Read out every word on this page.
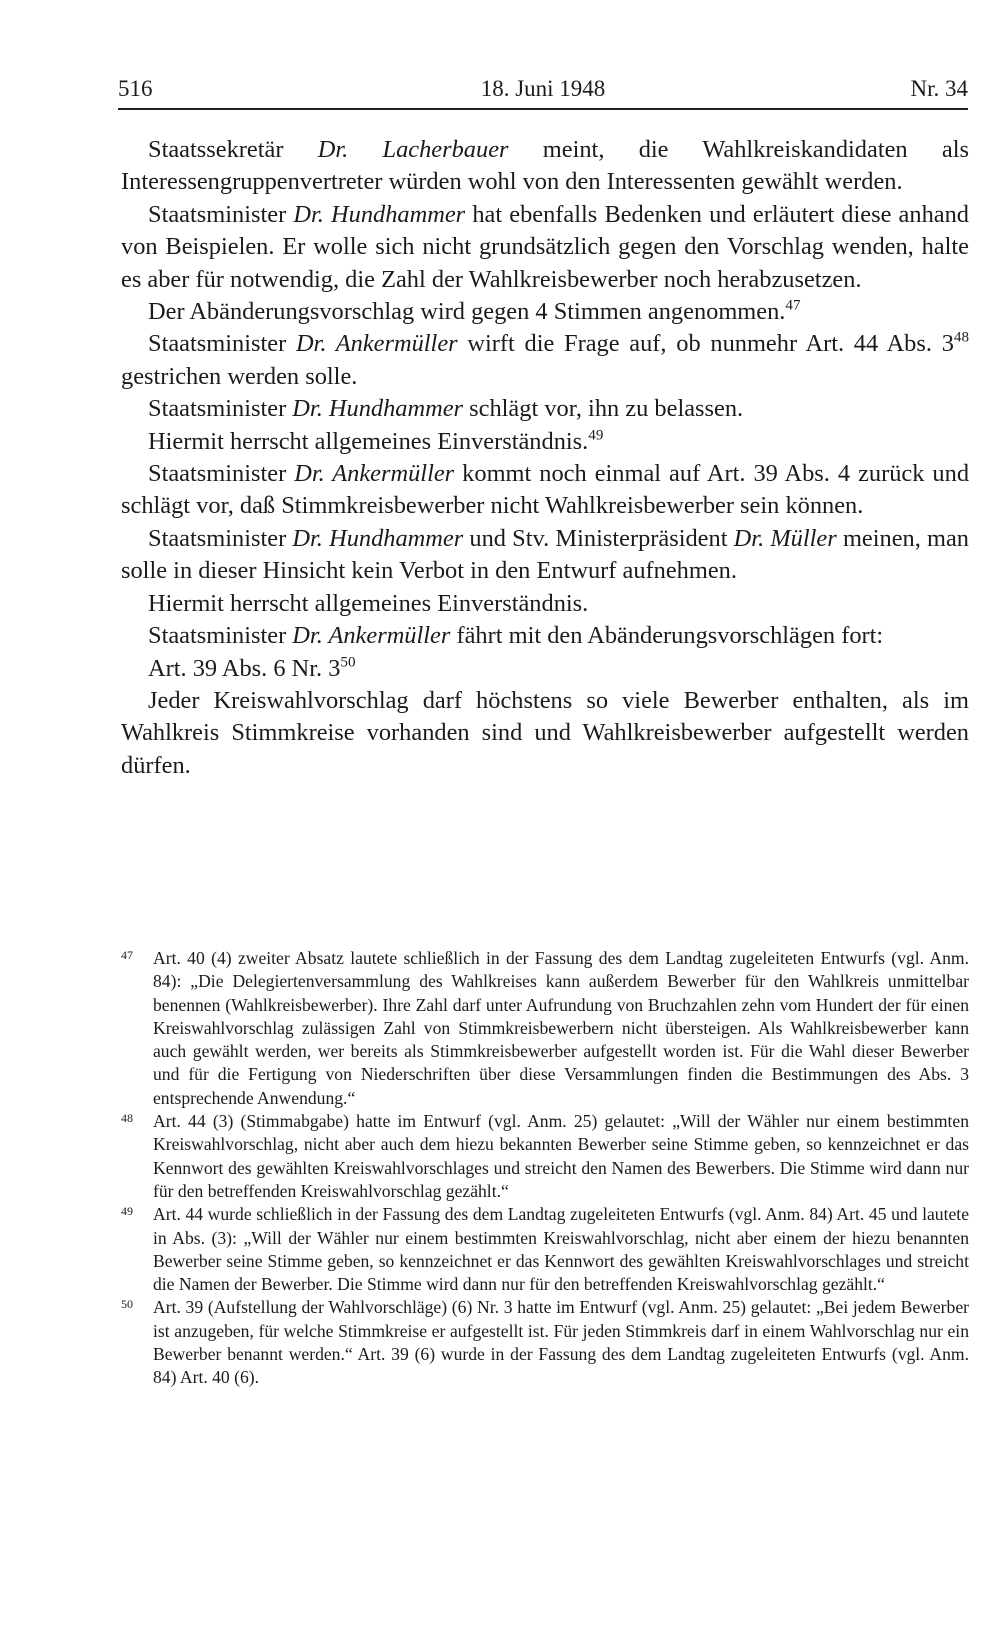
516	18. Juni 1948	Nr. 34

Staatssekretär Dr. Lacherbauer meint, die Wahlkreiskandidaten als Interessengruppenvertreter würden wohl von den Interessenten gewählt werden.

Staatsminister Dr. Hundhammer hat ebenfalls Bedenken und erläutert diese anhand von Beispielen. Er wolle sich nicht grundsätzlich gegen den Vorschlag wenden, halte es aber für notwendig, die Zahl der Wahlkreisbewerber noch herabzusetzen.

Der Abänderungsvorschlag wird gegen 4 Stimmen angenommen.$^{47}$

Staatsminister Dr. Ankermüller wirft die Frage auf, ob nunmehr Art. 44 Abs. $3^{48}$ gestrichen werden solle.

Staatsminister Dr. Hundhammer schlägt vor, ihn zu belassen.

Hiermit herrscht allgemeines Einverständnis.$^{49}$

Staatsminister Dr. Ankermüller kommt noch einmal auf Art. 39 Abs. 4 zurück und schlägt vor, daß Stimmkreisbewerber nicht Wahlkreisbewerber sein können.

Staatsminister Dr. Hundhammer und Stv. Ministerpräsident Dr. Müller meinen, man solle in dieser Hinsicht kein Verbot in den Entwurf aufnehmen.

Hiermit herrscht allgemeines Einverständnis.

Staatsminister Dr. Ankermüller fährt mit den Abänderungsvorschlägen fort:

Art. 39 Abs. 6 Nr. $3^{50}$

Jeder Kreiswahlvorschlag darf höchstens so viele Bewerber enthalten, als im Wahlkreis Stimmkreise vorhanden sind und Wahlkreisbewerber aufgestellt werden dürfen.

47 Art. 40 (4) zweiter Absatz lautete schließlich in der Fassung des dem Landtag zugeleiteten Entwurfs (vgl. Anm. 84): „Die Delegiertenversammlung des Wahlkreises kann außerdem Bewerber für den Wahlkreis unmittelbar benennen (Wahlkreisbewerber). Ihre Zahl darf unter Aufrundung von Bruchzahlen zehn vom Hundert der für einen Kreiswahlvorschlag zulässigen Zahl von Stimmkreisbewerbern nicht übersteigen. Als Wahlkreisbewerber kann auch gewählt werden, wer bereits als Stimmkreisbewerber aufgestellt worden ist. Für die Wahl dieser Bewerber und für die Fertigung von Niederschriften über diese Versammlungen finden die Bestimmungen des Abs. 3 entsprechende Anwendung.“

48 Art. 44 (3) (Stimmabgabe) hatte im Entwurf (vgl. Anm. 25) gelautet: „Will der Wähler nur einem bestimmten Kreiswahlvorschlag, nicht aber auch dem hiezu bekannten Bewerber seine Stimme geben, so kennzeichnet er das Kennwort des gewählten Kreiswahlvorschlages und streicht den Namen des Bewerbers. Die Stimme wird dann nur für den betreffenden Kreiswahlvorschlag gezählt.“

49 Art. 44 wurde schließlich in der Fassung des dem Landtag zugeleiteten Entwurfs (vgl. Anm. 84) Art. 45 und lautete in Abs. (3): „Will der Wähler nur einem bestimmten Kreiswahlvorschlag, nicht aber einem der hiezu benannten Bewerber seine Stimme geben, so kennzeichnet er das Kennwort des gewählten Kreiswahlvorschlages und streicht die Namen der Bewerber. Die Stimme wird dann nur für den betreffenden Kreiswahlvorschlag gezählt.“

50 Art. 39 (Aufstellung der Wahlvorschläge) (6) Nr. 3 hatte im Entwurf (vgl. Anm. 25) gelautet: „Bei jedem Bewerber ist anzugeben, für welche Stimmkreise er aufgestellt ist. Für jeden Stimmkreis darf in einem Wahlvorschlag nur ein Bewerber benannt werden.“ Art. 39 (6) wurde in der Fassung des dem Landtag zugeleiteten Entwurfs (vgl. Anm. 84) Art. 40 (6).
